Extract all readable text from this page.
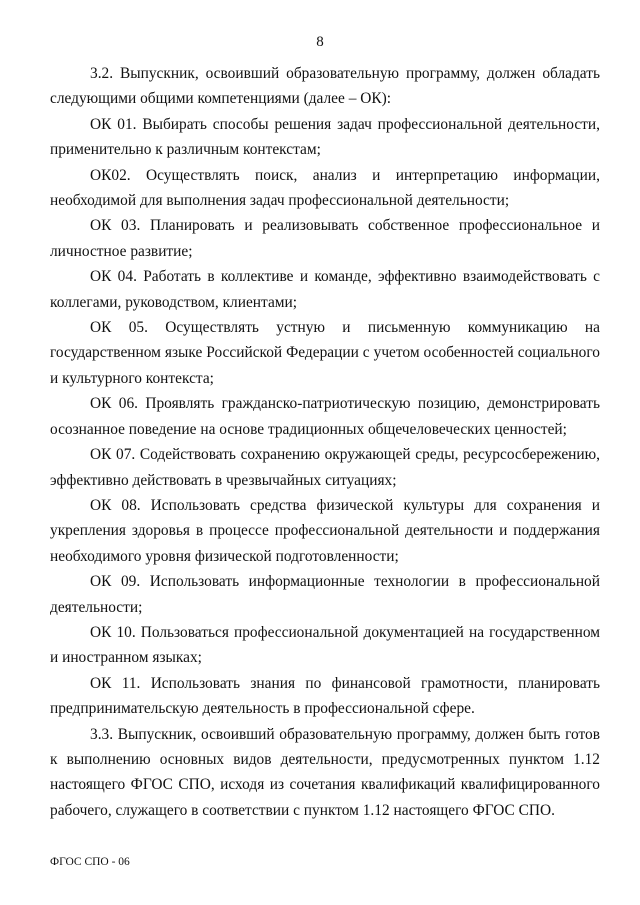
8

3.2. Выпускник, освоивший образовательную программу, должен обладать следующими общими компетенциями (далее – ОК):

ОК 01. Выбирать способы решения задач профессиональной деятельности, применительно к различным контекстам;

ОК02. Осуществлять поиск, анализ и интерпретацию информации, необходимой для выполнения задач профессиональной деятельности;

ОК 03. Планировать и реализовывать собственное профессиональное и личностное развитие;

ОК 04. Работать в коллективе и команде, эффективно взаимодействовать с коллегами, руководством, клиентами;

ОК 05. Осуществлять устную и письменную коммуникацию на государственном языке Российской Федерации с учетом особенностей социального и культурного контекста;

ОК 06. Проявлять гражданско-патриотическую позицию, демонстрировать осознанное поведение на основе традиционных общечеловеческих ценностей;

ОК 07. Содействовать сохранению окружающей среды, ресурсосбережению, эффективно действовать в чрезвычайных ситуациях;

ОК 08. Использовать средства физической культуры для сохранения и укрепления здоровья в процессе профессиональной деятельности и поддержания необходимого уровня физической подготовленности;

ОК 09. Использовать информационные технологии в профессиональной деятельности;

ОК 10. Пользоваться профессиональной документацией на государственном и иностранном языках;

ОК 11. Использовать знания по финансовой грамотности, планировать предпринимательскую деятельность в профессиональной сфере.

3.3. Выпускник, освоивший образовательную программу, должен быть готов к выполнению основных видов деятельности, предусмотренных пунктом 1.12 настоящего ФГОС СПО, исходя из сочетания квалификаций квалифицированного рабочего, служащего в соответствии с пунктом 1.12 настоящего ФГОС СПО.

ФГОС СПО - 06
